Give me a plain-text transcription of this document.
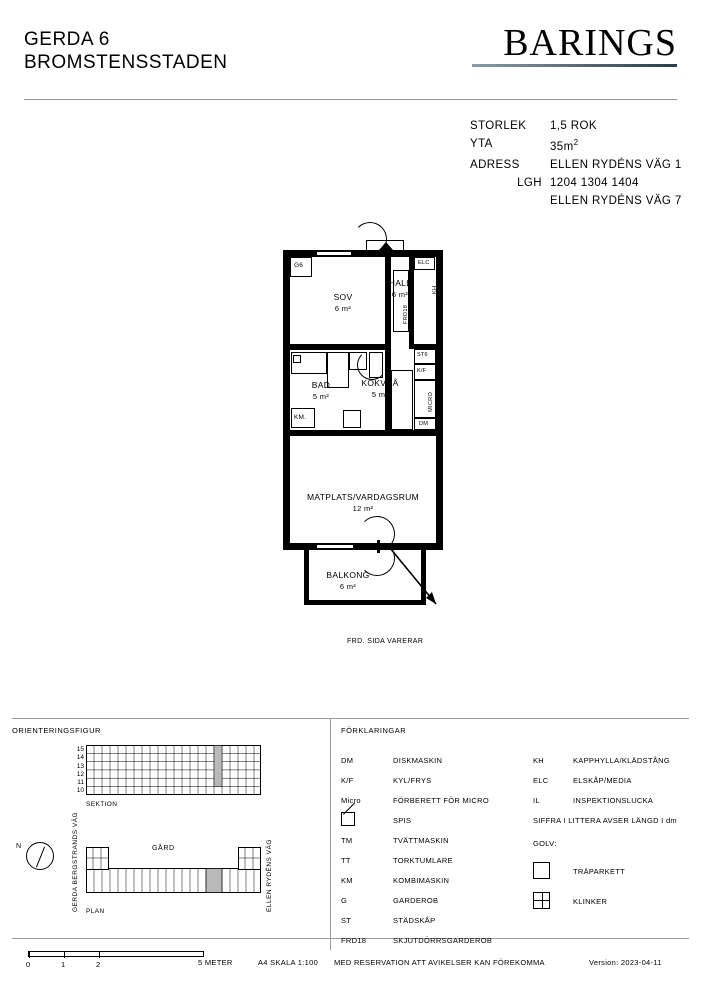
GERDA 6
BROMSTENSSTADEN	BARINGS
STORLEK	1,5 ROK
YTA	$35m^2$
ADRESS	ELLEN RYDÉNS VÄG 1
LGH	1204 1304 1404
	ELLEN RYDÉNS VÄG 7
G6	ELC
KH
FRD18
ST6
K/F
MICRO
DM
KM.
SOV
6 m²
HALL
6 m²
BAD
5 m²
KOKVRÅ
5 m²
MATPLATS/VARDAGSRUM
12 m²
BALKONG
6 m²
FRD. SIDA VARERAR
ORIENTERINGSFIGUR	FÖRKLARINGAR
15
14
13
12
11
10
SEKTION
GÅRD
PLAN
GERDA BERGSTRANDS VÄG	ELLEN RYDÉNS VÄG
N
DM	DISKMASKIN
K/F	KYL/FRYS
Micro	FÖRBERETT FÖR MICRO
SPIS
TM	TVÄTTMASKIN
TT	TORKTUMLARE
KM	KOMBIMASKIN
G	GARDEROB
ST	STÄDSKÅP
FRD18	SKJUTDÖRRSGARDEROB
KH	KAPPHYLLA/KLÄDSTÅNG
ELC	ELSKÅP/MEDIA
IL	INSPEKTIONSLUCKA
SIFFRA I LITTERA AVSER LÄNGD I dm
GOLV:
TRÄPARKETT
KLINKER
0	1	2	5 METER	A4 SKALA 1:100 MED RESERVATION ATT AVIKELSER KAN FÖREKOMMA	Version: 2023-04-11
